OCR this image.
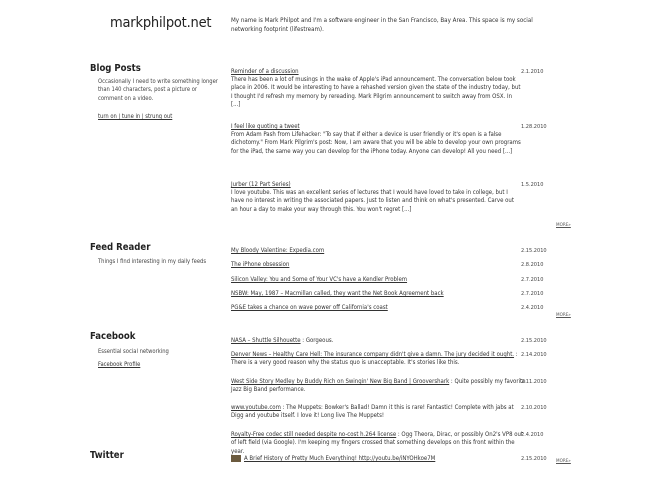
markphilpot.net	My name is Mark Philpot and I'm a software engineer in the San Francisco, Bay Area. This space is my social networking footprint (lifestream).
Blog Posts
Occasionally I need to write something longer than 140 characters, post a picture or comment on a video.
turn on | tune in | strung out
Reminder of a discussion
There has been a lot of musings in the wake of Apple's iPad announcement. The conversation below took place in 2006. It would be interesting to have a rehashed version given the state of the industry today, but I thought I'd refresh my memory by rereading. Mark Pilgrim announcement to switch away from OSX. In [...]
2.1.2010
I feel like quoting a tweet
From Adam Pash from Lifehacker: "To say that if either a device is user friendly or it's open is a false dichotomy." From Mark Pilgrim's post: Now, I am aware that you will be able to develop your own programs for the iPad, the same way you can develop for the iPhone today. Anyone can develop! All you need [...]
1.28.2010
Jurber (12 Part Series)
I love youtube. This was an excellent series of lectures that I would have loved to take in college, but I have no interest in writing the associated papers. Just to listen and think on what's presented. Carve out an hour a day to make your way through this. You won't regret [...]
1.5.2010
MORE»
Feed Reader
Things I find interesting in my daily feeds
My Bloody Valentine: Expedia.com	2.15.2010
The iPhone obsession	2.8.2010
Silicon Valley: You and Some of Your VC's have a Kendler Problem	2.7.2010
NSBW: May, 1987 – Macmillan called, they want the Net Book Agreement back	2.7.2010
PG&E takes a chance on wave power off California's coast	2.4.2010
MORE»
Facebook
Essential social networking
Facebook Profile
NASA – Shuttle Silhouette : Gorgeous.	2.15.2010
Denver News – Healthy Care Hell: The insurance company didn't give a damn. The jury decided it ought. : There is a very good reason why the status quo is unacceptable. It's stories like this.
2.14.2010
West Side Story Medley by Buddy Rich on Swingin' New Big Band | Groovershark : Quite possibly my favorite Jazz Big Band performance.
2.11.2010
www.youtube.com : The Muppets: Bowker's Ballad! Damn it this is rare! Fantastic! Complete with jabs at Digg and youtube itself. I love it! Long live The Muppets!
2.10.2010
Royalty-Free codec still needed despite no-cost h.264 license : Ogg Theora, Dirac, or possibly On2's VP8 out of left field (via Google). I'm keeping my fingers crossed that something develops on this front within the year.
2.4.2010
MORE»
Twitter	A Brief History of Pretty Much Everything! http://youtu.be/iNYOHkoe7M	2.15.2010
